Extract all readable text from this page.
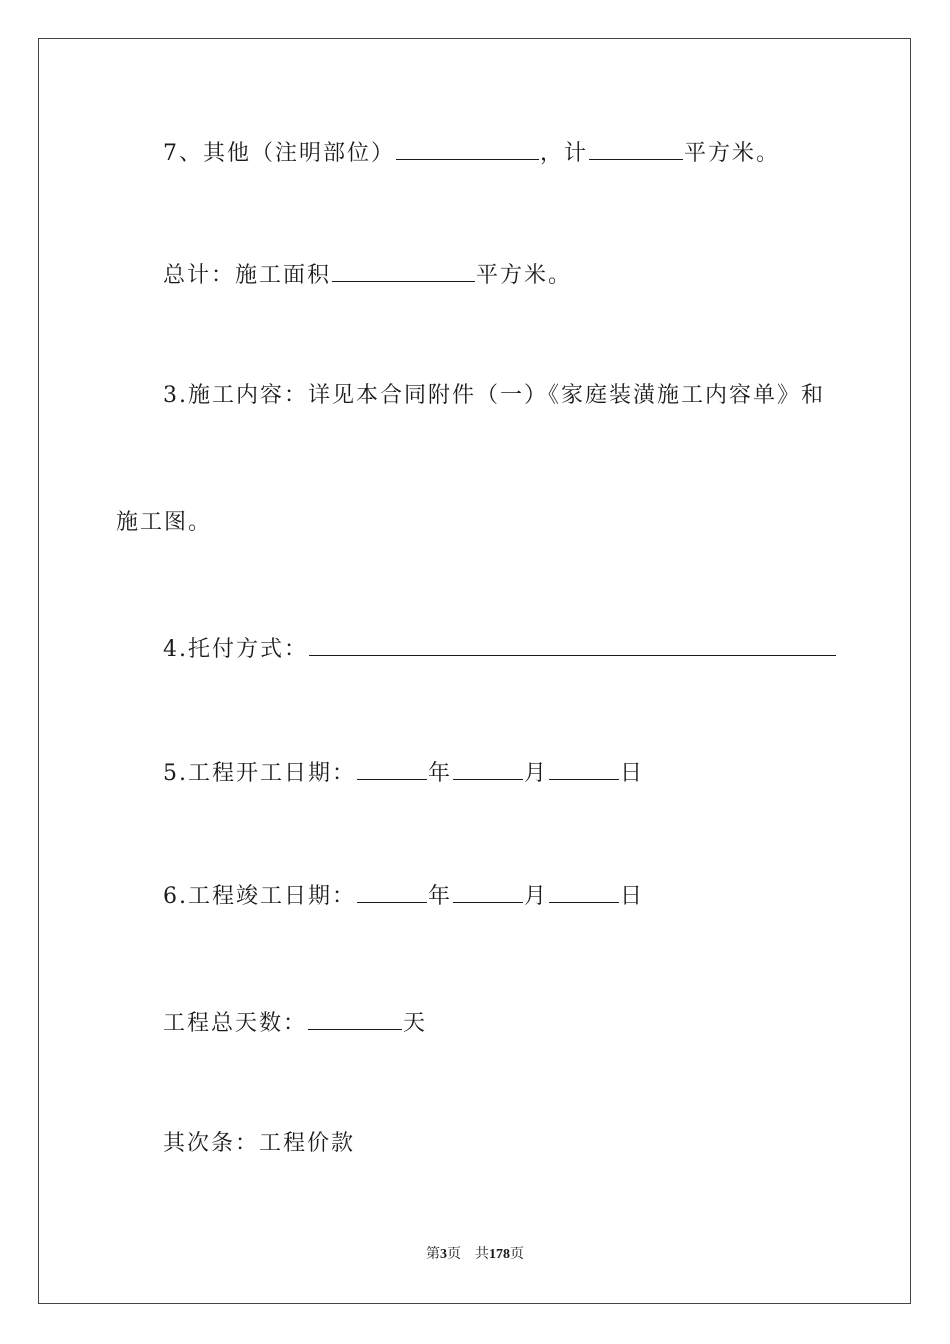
7、其他（注明部位）	，计	平方米。
总计：施工面积	平方米。
3.施工内容：详见本合同附件（一）《家庭装潢施工内容单》和
施工图。
4.托付方式：
5.工程开工日期：	年	月	日
6.工程竣工日期：	年	月	日
工程总天数：	天
其次条：工程价款
第3页 共178页
